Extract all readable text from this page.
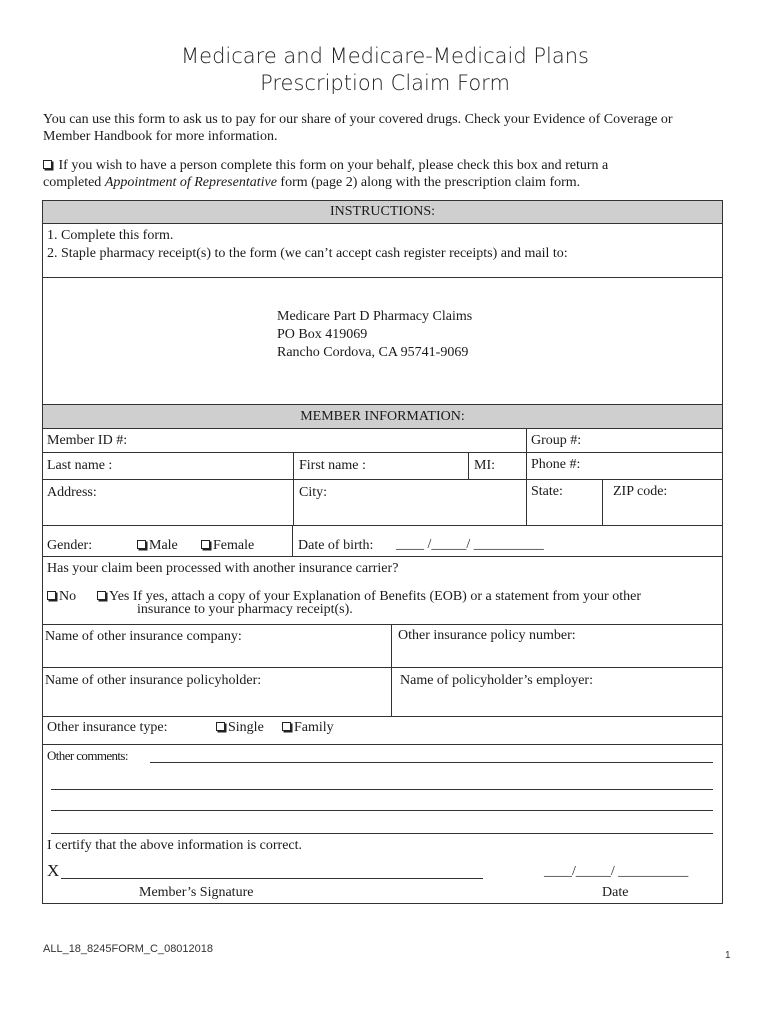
Medicare and Medicare-Medicaid Plans
Prescription Claim Form
You can use this form to ask us to pay for our share of your covered drugs. Check your Evidence of Coverage or
Member Handbook for more information.
If you wish to have a person complete this form on your behalf, please check this box and return a
completed Appointment of Representative form (page 2) along with the prescription claim form.
INSTRUCTIONS:
1. Complete this form.
2. Staple pharmacy receipt(s) to the form (we can’t accept cash register receipts) and mail to:
Medicare Part D Pharmacy Claims
PO Box 419069
Rancho Cordova, CA 95741-9069
MEMBER INFORMATION:
Member ID #:	Group #:
Last name :	First name :	MI:	Phone #:
Address:	City:	State:	ZIP code:
Gender:	Male	Female	Date of birth: ____ /_____/ __________
Has your claim been processed with another insurance carrier?
No	Yes If yes, attach a copy of your Explanation of Benefits (EOB) or a statement from your other
insurance to your pharmacy receipt(s).
Name of other insurance company:	Other insurance policy number:
Name of other insurance policyholder:	Name of policyholder’s employer:
Other insurance type:	Single	Family
Other comments:
I certify that the above information is correct.
X	____/_____/ __________
Member’s Signature	Date
ALL_18_8245FORM_C_08012018
1
